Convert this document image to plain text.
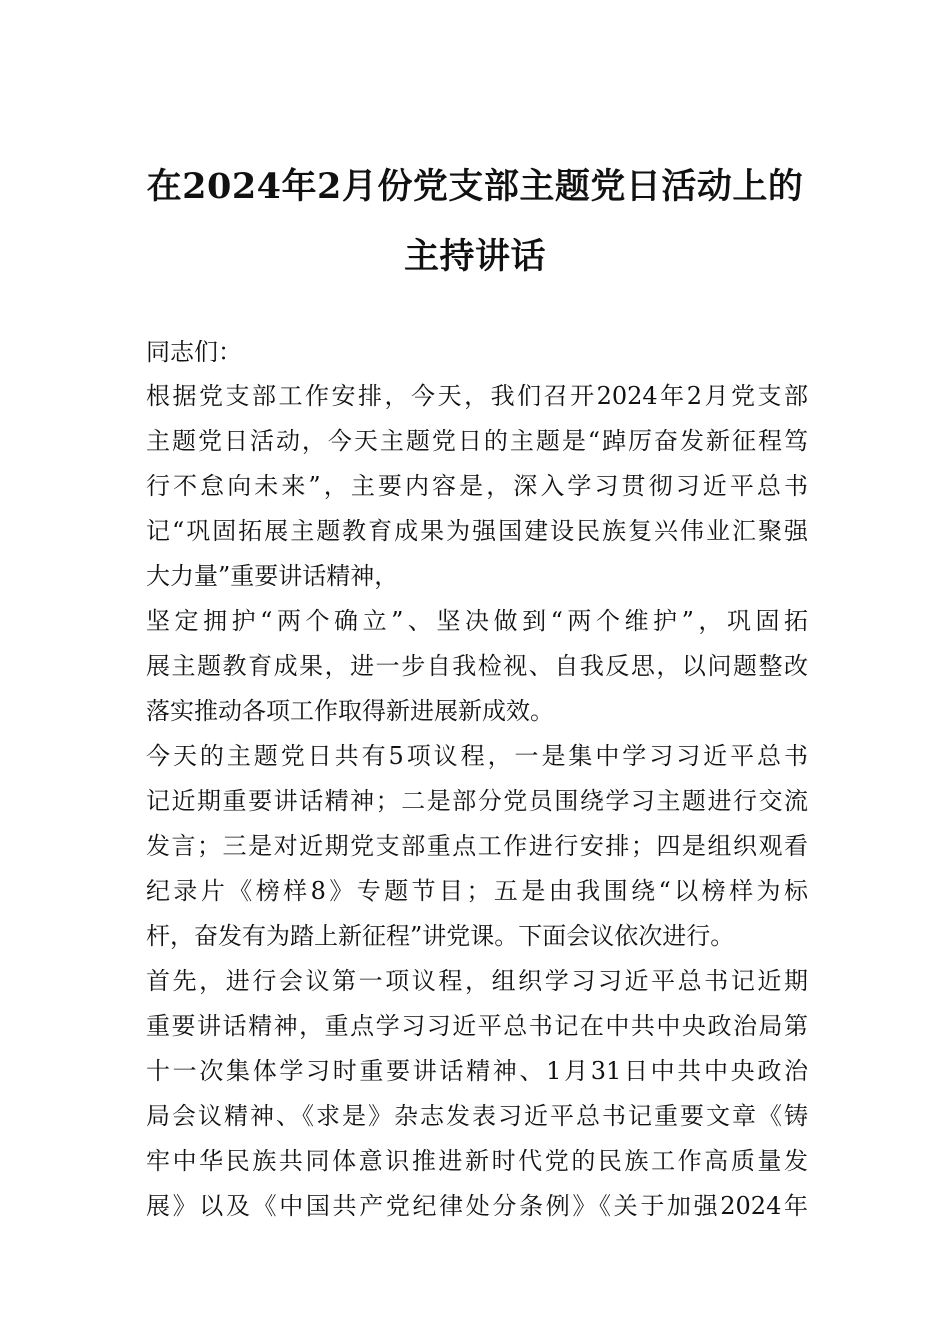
在2024年2月份党支部主题党日活动上的
主持讲话
同志们：
根据党支部工作安排，今天，我们召开2024年2月党支部
主题党日活动，今天主题党日的主题是“踔厉奋发新征程笃
行不怠向未来”，主要内容是，深入学习贯彻习近平总书
记“巩固拓展主题教育成果为强国建设民族复兴伟业汇聚强
大力量”重要讲话精神，
坚定拥护“两个确立”、坚决做到“两个维护”，巩固拓
展主题教育成果，进一步自我检视、自我反思，以问题整改
落实推动各项工作取得新进展新成效。
今天的主题党日共有5项议程，一是集中学习习近平总书
记近期重要讲话精神；二是部分党员围绕学习主题进行交流
发言；三是对近期党支部重点工作进行安排；四是组织观看
纪录片《榜样8》专题节目；五是由我围绕“以榜样为标
杆，奋发有为踏上新征程”讲党课。下面会议依次进行。
首先，进行会议第一项议程，组织学习习近平总书记近期
重要讲话精神，重点学习习近平总书记在中共中央政治局第
十一次集体学习时重要讲话精神、1月31日中共中央政治
局会议精神、《求是》杂志发表习近平总书记重要文章《铸
牢中华民族共同体意识推进新时代党的民族工作高质量发
展》以及《中国共产党纪律处分条例》《关于加强2024年
